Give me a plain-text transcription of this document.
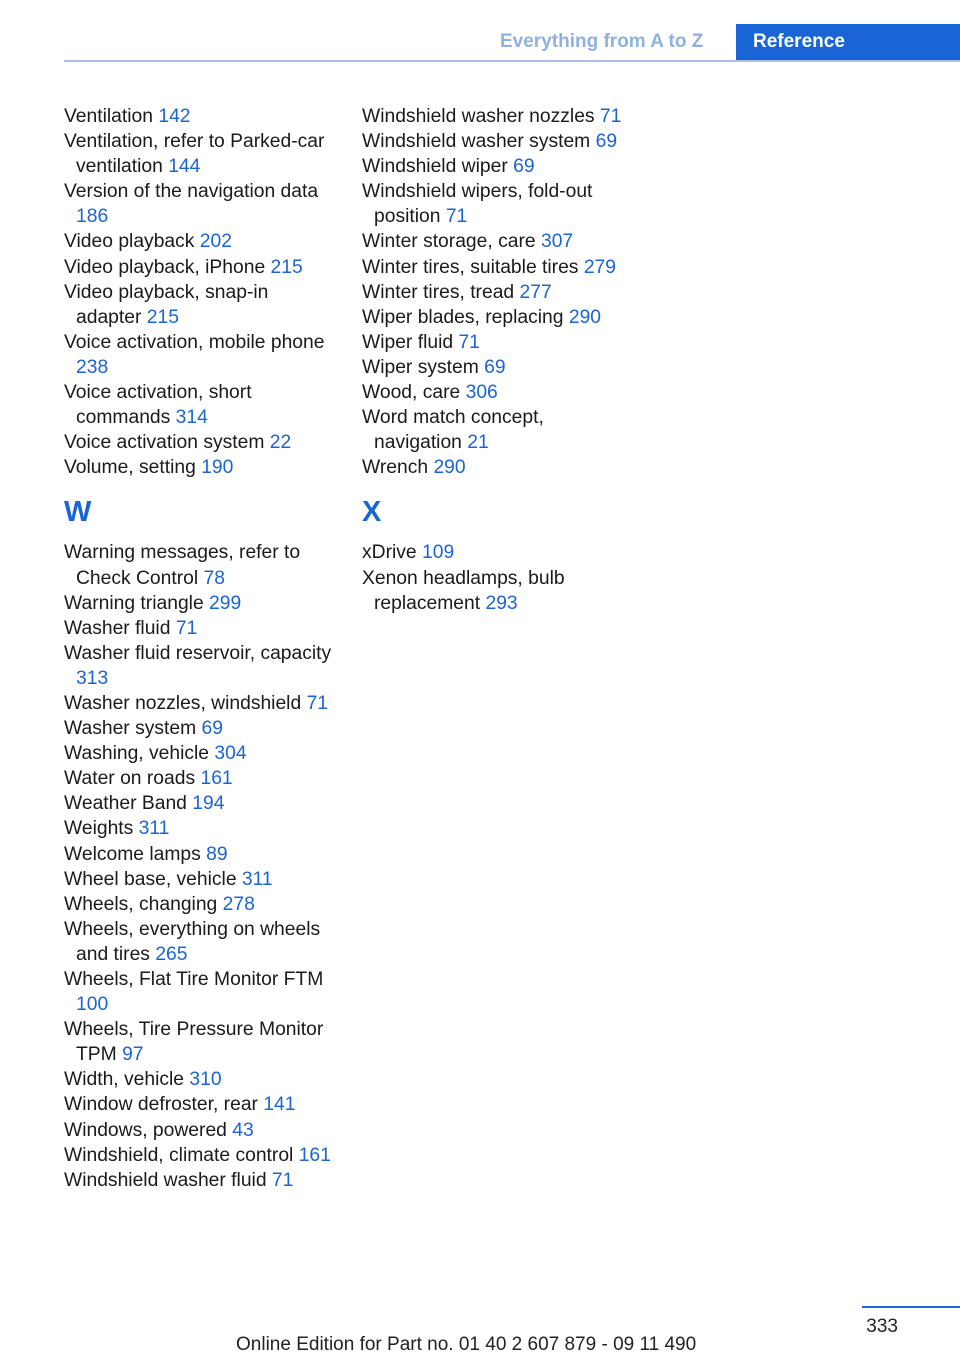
Everything from A to Z	Reference
Ventilation 142
Ventilation, refer to Parked-car ventilation 144
Version of the navigation data 186
Video playback 202
Video playback, iPhone 215
Video playback, snap-in adapter 215
Voice activation, mobile phone 238
Voice activation, short commands 314
Voice activation system 22
Volume, setting 190
W
Warning messages, refer to Check Control 78
Warning triangle 299
Washer fluid 71
Washer fluid reservoir, capacity 313
Washer nozzles, windshield 71
Washer system 69
Washing, vehicle 304
Water on roads 161
Weather Band 194
Weights 311
Welcome lamps 89
Wheel base, vehicle 311
Wheels, changing 278
Wheels, everything on wheels and tires 265
Wheels, Flat Tire Monitor FTM 100
Wheels, Tire Pressure Monitor TPM 97
Width, vehicle 310
Window defroster, rear 141
Windows, powered 43
Windshield, climate control 161
Windshield washer fluid 71
Windshield washer nozzles 71
Windshield washer system 69
Windshield wiper 69
Windshield wipers, fold-out position 71
Winter storage, care 307
Winter tires, suitable tires 279
Winter tires, tread 277
Wiper blades, replacing 290
Wiper fluid 71
Wiper system 69
Wood, care 306
Word match concept, navigation 21
Wrench 290
X
xDrive 109
Xenon headlamps, bulb replacement 293
333
Online Edition for Part no. 01 40 2 607 879 - 09 11 490
